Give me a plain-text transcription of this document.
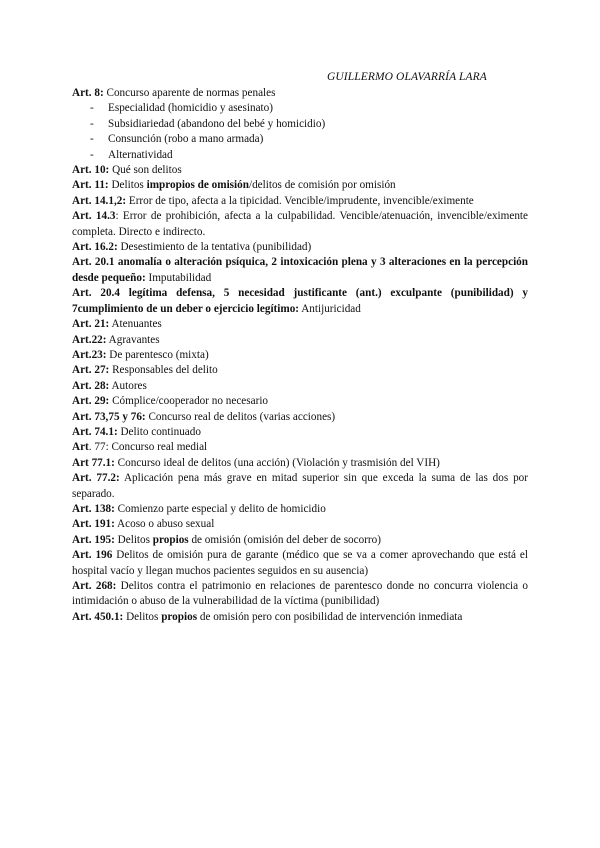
GUILLERMO OLAVARRÍA LARA

Art. 8: Concurso aparente de normas penales

- Especialidad (homicidio y asesinato)
- Subsidiariedad (abandono del bebé y homicidio)
- Consunción (robo a mano armada)
- Alternatividad

Art. 10: Qué son delitos

Art. 11: Delitos impropios de omisión/delitos de comisión por omisión

Art. 14.1,2: Error de tipo, afecta a la tipicidad. Vencible/imprudente, invencible/eximente

Art. 14.3: Error de prohibición, afecta a la culpabilidad. Vencible/atenuación, invencible/eximente completa. Directo e indirecto.

Art. 16.2: Desestimiento de la tentativa (punibilidad)

Art. 20.1 anomalía o alteración psíquica, 2 intoxicación plena y 3 alteraciones en la percepción desde pequeño: Imputabilidad

Art. 20.4 legítima defensa, 5 necesidad justificante (ant.) exculpante (punibilidad) y 7cumplimiento de un deber o ejercicio legítimo: Antijuricidad

Art. 21: Atenuantes

Art.22: Agravantes

Art.23: De parentesco (mixta)

Art. 27: Responsables del delito

Art. 28: Autores

Art. 29: Cómplice/cooperador no necesario

Art. 73,75 y 76: Concurso real de delitos (varias acciones)

Art. 74.1: Delito continuado

Art. 77: Concurso real medial

Art 77.1: Concurso ideal de delitos (una acción) (Violación y trasmisión del VIH)

Art. 77.2: Aplicación pena más grave en mitad superior sin que exceda la suma de las dos por separado.

Art. 138: Comienzo parte especial y delito de homicidio

Art. 191: Acoso o abuso sexual

Art. 195: Delitos propios de omisión (omisión del deber de socorro)

Art. 196 Delitos de omisión pura de garante (médico que se va a comer aprovechando que está el hospital vacío y llegan muchos pacientes seguidos en su ausencia)

Art. 268: Delitos contra el patrimonio en relaciones de parentesco donde no concurra violencia o intimidación o abuso de la vulnerabilidad de la víctima (punibilidad)

Art. 450.1: Delitos propios de omisión pero con posibilidad de intervención inmediata
